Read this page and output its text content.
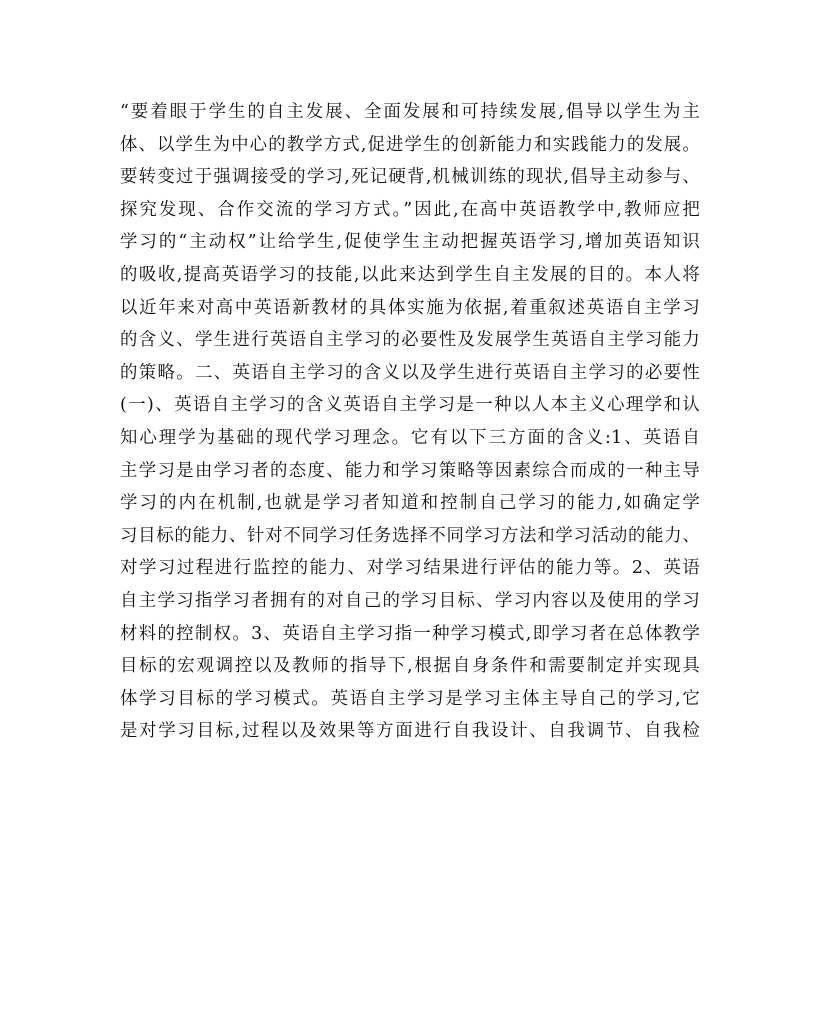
“要着眼于学生的自主发展、全面发展和可持续发展,倡导以学生为主
体、以学生为中心的教学方式,促进学生的创新能力和实践能力的发展。
要转变过于强调接受的学习,死记硬背,机械训练的现状,倡导主动参与、
探究发现、合作交流的学习方式。”因此,在高中英语教学中,教师应把
学习的“主动权”让给学生,促使学生主动把握英语学习,增加英语知识
的吸收,提高英语学习的技能,以此来达到学生自主发展的目的。本人将
以近年来对高中英语新教材的具体实施为依据,着重叙述英语自主学习
的含义、学生进行英语自主学习的必要性及发展学生英语自主学习能力
的策略。二、英语自主学习的含义以及学生进行英语自主学习的必要性
(一)、英语自主学习的含义英语自主学习是一种以人本主义心理学和认
知心理学为基础的现代学习理念。它有以下三方面的含义:1、英语自
主学习是由学习者的态度、能力和学习策略等因素综合而成的一种主导
学习的内在机制,也就是学习者知道和控制自己学习的能力,如确定学
习目标的能力、针对不同学习任务选择不同学习方法和学习活动的能力、
对学习过程进行监控的能力、对学习结果进行评估的能力等。2、英语
自主学习指学习者拥有的对自己的学习目标、学习内容以及使用的学习
材料的控制权。3、英语自主学习指一种学习模式,即学习者在总体教学
目标的宏观调控以及教师的指导下,根据自身条件和需要制定并实现具
体学习目标的学习模式。英语自主学习是学习主体主导自己的学习,它
是对学习目标,过程以及效果等方面进行自我设计、自我调节、自我检
